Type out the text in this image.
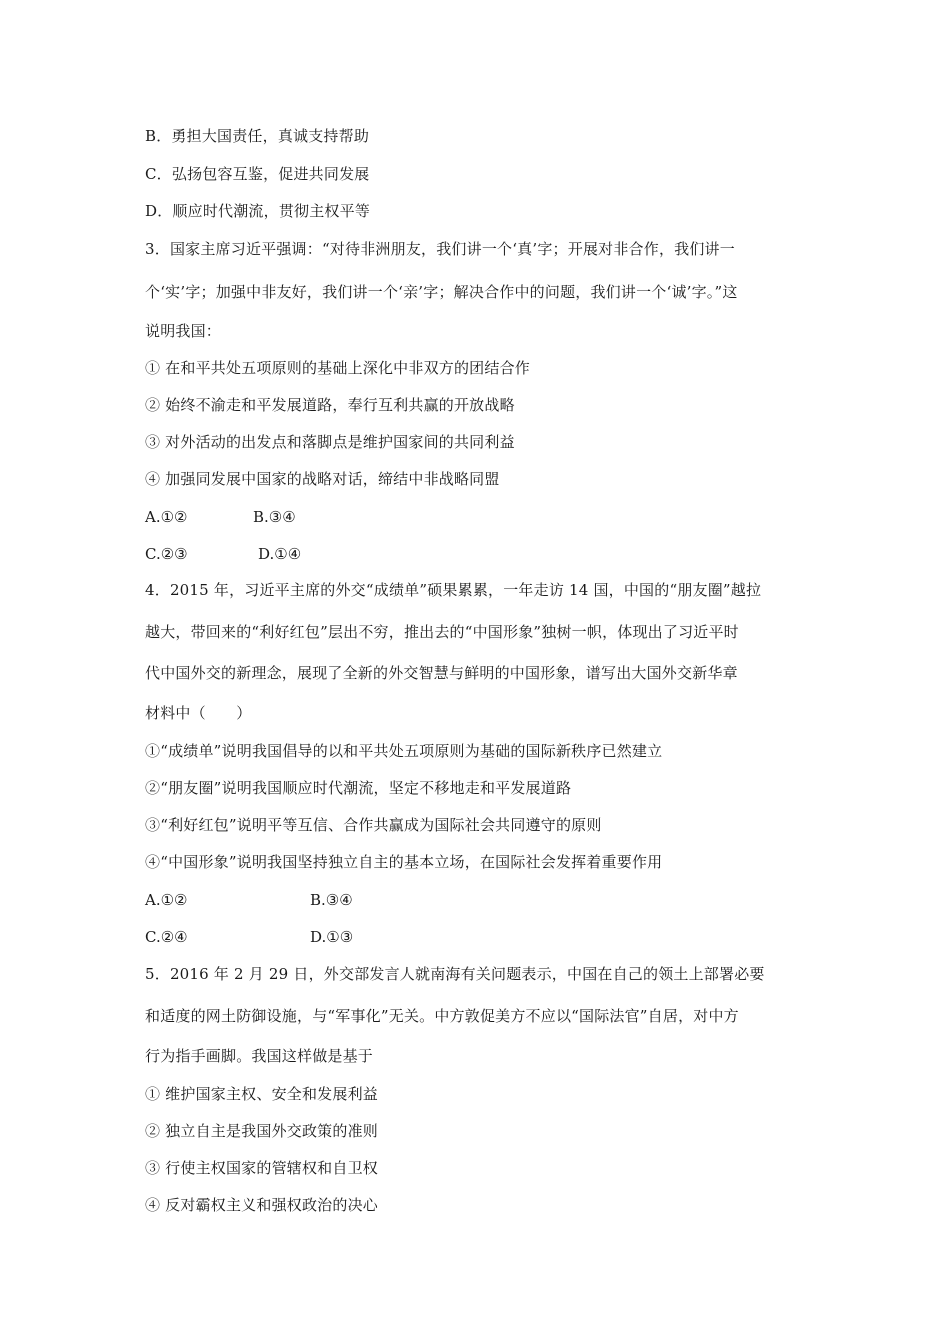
B．勇担大国责任，真诚支持帮助
C．弘扬包容互鉴，促进共同发展
D．顺应时代潮流，贯彻主权平等
3．国家主席习近平强调：“对待非洲朋友，我们讲一个‘真’字；开展对非合作，我们讲一
个‘实’字；加强中非友好，我们讲一个‘亲’字；解决合作中的问题，我们讲一个‘诚’字。”这
说明我国：
① 在和平共处五项原则的基础上深化中非双方的团结合作
② 始终不渝走和平发展道路，奉行互利共赢的开放战略
③ 对外活动的出发点和落脚点是维护国家间的共同利益
④ 加强同发展中国家的战略对话，缔结中非战略同盟
A.①②	B.③④
C.②③	D.①④
4．2015 年，习近平主席的外交“成绩单”硕果累累，一年走访 14 国，中国的“朋友圈”越拉
越大，带回来的“利好红包”层出不穷，推出去的“中国形象”独树一帜，体现出了习近平时
代中国外交的新理念，展现了全新的外交智慧与鲜明的中国形象，谱写出大国外交新华章
材料中（　　）
①“成绩单”说明我国倡导的以和平共处五项原则为基础的国际新秩序已然建立
②“朋友圈”说明我国顺应时代潮流，坚定不移地走和平发展道路
③“利好红包”说明平等互信、合作共赢成为国际社会共同遵守的原则
④“中国形象”说明我国坚持独立自主的基本立场，在国际社会发挥着重要作用
A.①②	B.③④
C.②④	D.①③
5．2016 年 2 月 29 日，外交部发言人就南海有关问题表示，中国在自己的领土上部署必要
和适度的网土防御设施，与“军事化”无关。中方敦促美方不应以“国际法官”自居，对中方
行为指手画脚。我国这样做是基于
① 维护国家主权、安全和发展利益
② 独立自主是我国外交政策的准则
③ 行使主权国家的管辖权和自卫权
④ 反对霸权主义和强权政治的决心
